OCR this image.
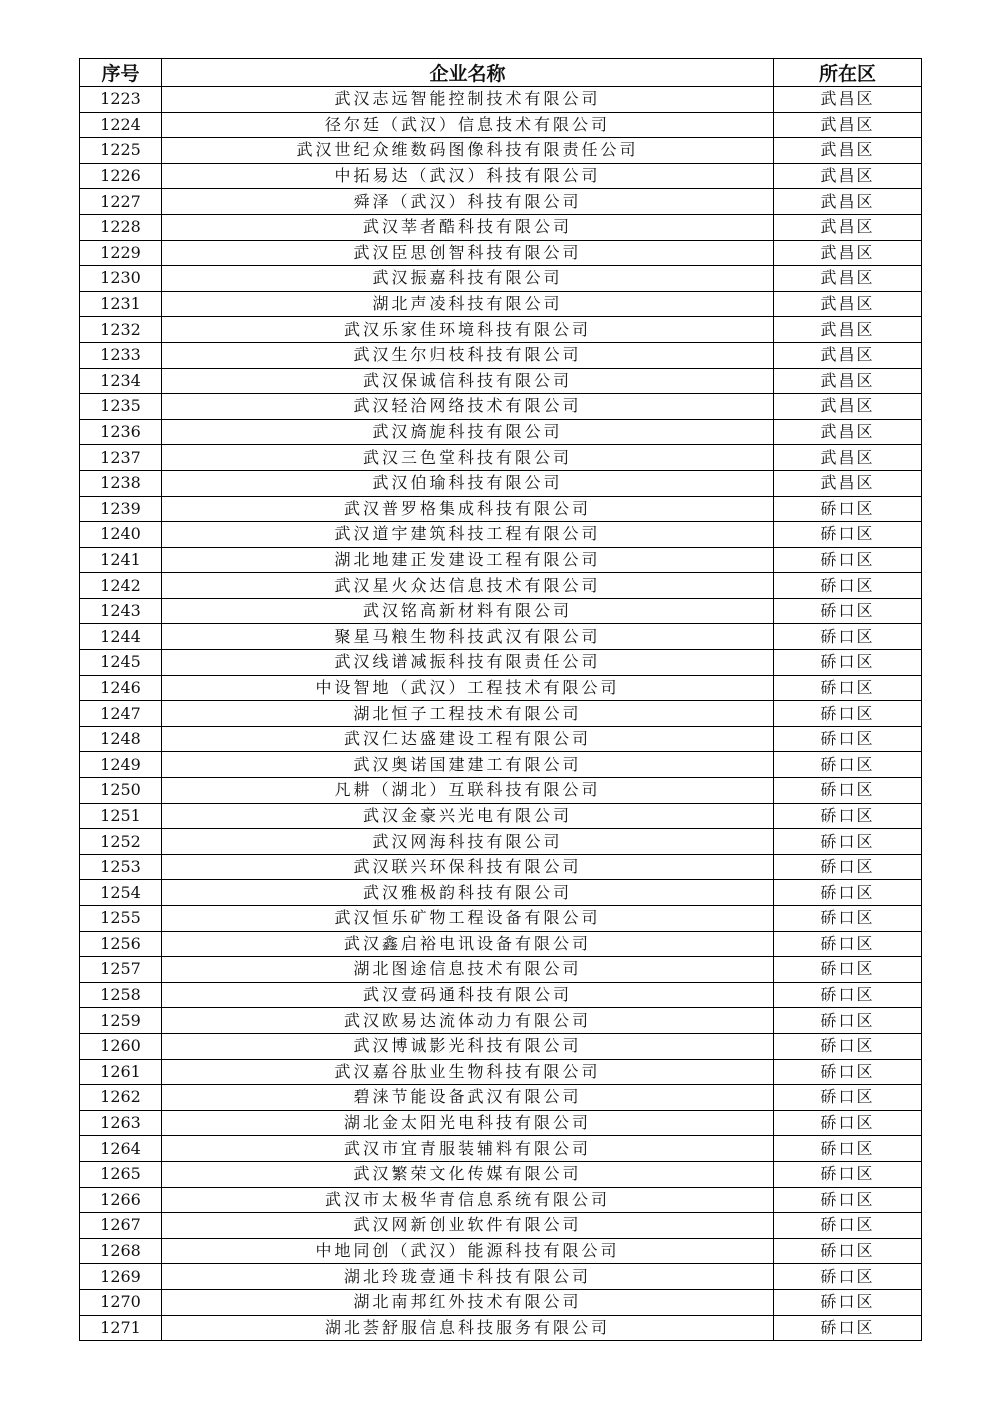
序号	企业名称	所在区
1223	武汉志远智能控制技术有限公司	武昌区
1224	径尔廷（武汉）信息技术有限公司	武昌区
1225	武汉世纪众维数码图像科技有限责任公司	武昌区
1226	中拓易达（武汉）科技有限公司	武昌区
1227	舜泽（武汉）科技有限公司	武昌区
1228	武汉莘者酷科技有限公司	武昌区
1229	武汉臣思创智科技有限公司	武昌区
1230	武汉振嘉科技有限公司	武昌区
1231	湖北声凌科技有限公司	武昌区
1232	武汉乐家佳环境科技有限公司	武昌区
1233	武汉生尔归枝科技有限公司	武昌区
1234	武汉保诚信科技有限公司	武昌区
1235	武汉轻洽网络技术有限公司	武昌区
1236	武汉旖旎科技有限公司	武昌区
1237	武汉三色堂科技有限公司	武昌区
1238	武汉伯瑜科技有限公司	武昌区
1239	武汉普罗格集成科技有限公司	硚口区
1240	武汉道宇建筑科技工程有限公司	硚口区
1241	湖北地建正发建设工程有限公司	硚口区
1242	武汉星火众达信息技术有限公司	硚口区
1243	武汉铭高新材料有限公司	硚口区
1244	聚星马粮生物科技武汉有限公司	硚口区
1245	武汉线谱减振科技有限责任公司	硚口区
1246	中设智地（武汉）工程技术有限公司	硚口区
1247	湖北恒子工程技术有限公司	硚口区
1248	武汉仁达盛建设工程有限公司	硚口区
1249	武汉奥诺国建建工有限公司	硚口区
1250	凡耕（湖北）互联科技有限公司	硚口区
1251	武汉金豪兴光电有限公司	硚口区
1252	武汉网海科技有限公司	硚口区
1253	武汉联兴环保科技有限公司	硚口区
1254	武汉雅极韵科技有限公司	硚口区
1255	武汉恒乐矿物工程设备有限公司	硚口区
1256	武汉鑫启裕电讯设备有限公司	硚口区
1257	湖北图途信息技术有限公司	硚口区
1258	武汉壹码通科技有限公司	硚口区
1259	武汉欧易达流体动力有限公司	硚口区
1260	武汉博诚影光科技有限公司	硚口区
1261	武汉嘉谷肽业生物科技有限公司	硚口区
1262	碧涞节能设备武汉有限公司	硚口区
1263	湖北金太阳光电科技有限公司	硚口区
1264	武汉市宜青服装辅料有限公司	硚口区
1265	武汉繁荣文化传媒有限公司	硚口区
1266	武汉市太极华青信息系统有限公司	硚口区
1267	武汉网新创业软件有限公司	硚口区
1268	中地同创（武汉）能源科技有限公司	硚口区
1269	湖北玲珑壹通卡科技有限公司	硚口区
1270	湖北南邦红外技术有限公司	硚口区
1271	湖北荟舒服信息科技服务有限公司	硚口区
